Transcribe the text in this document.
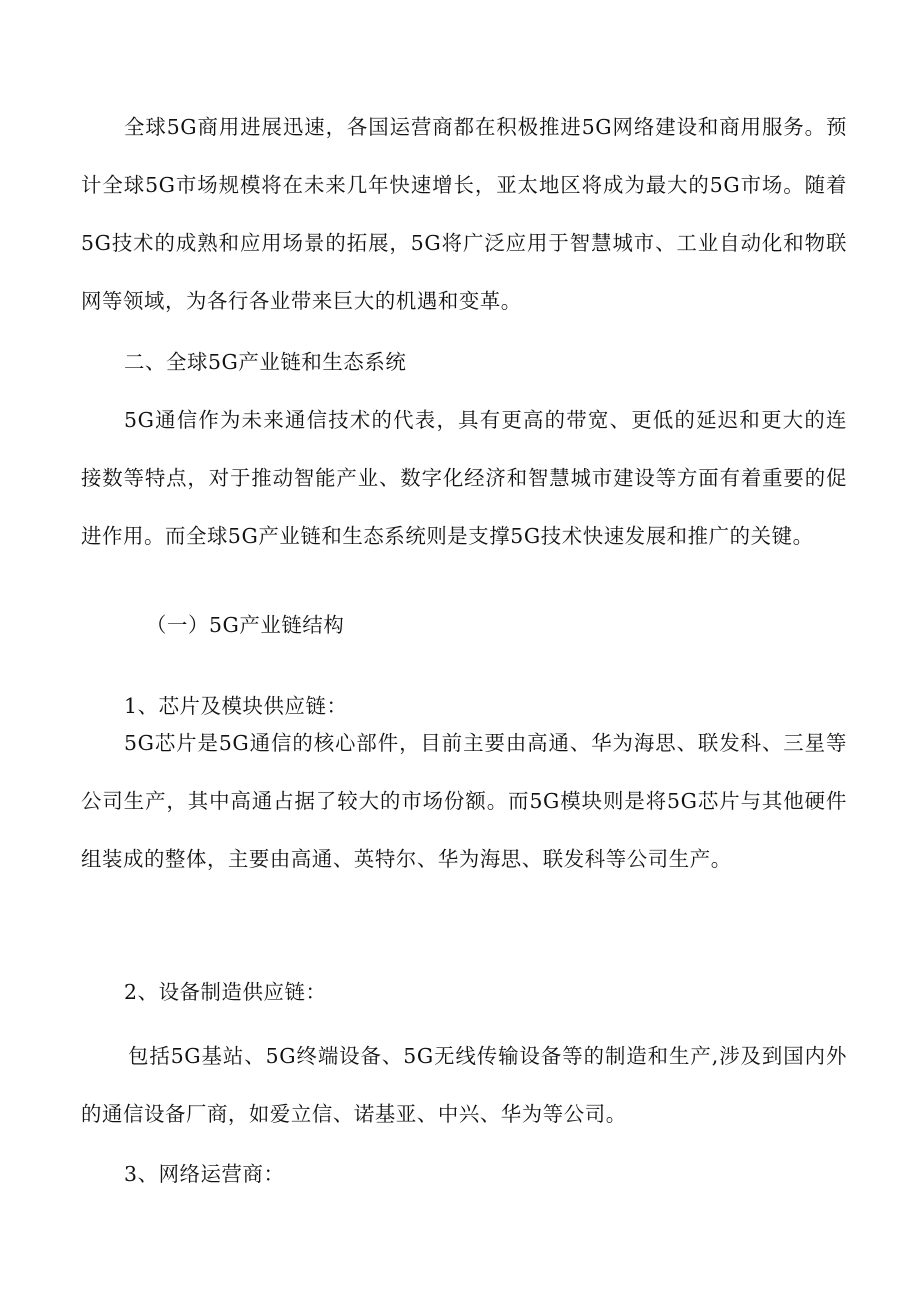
全球5G商用进展迅速，各国运营商都在积极推进5G网络建设和商用服务。预计全球5G市场规模将在未来几年快速增长，亚太地区将成为最大的5G市场。随着5G技术的成熟和应用场景的拓展，5G将广泛应用于智慧城市、工业自动化和物联网等领域，为各行各业带来巨大的机遇和变革。

二、全球5G产业链和生态系统

5G通信作为未来通信技术的代表，具有更高的带宽、更低的延迟和更大的连接数等特点，对于推动智能产业、数字化经济和智慧城市建设等方面有着重要的促进作用。而全球5G产业链和生态系统则是支撑5G技术快速发展和推广的关键。

（一）5G产业链结构

1、芯片及模块供应链：

5G芯片是5G通信的核心部件，目前主要由高通、华为海思、联发科、三星等公司生产，其中高通占据了较大的市场份额。而5G模块则是将5G芯片与其他硬件组装成的整体，主要由高通、英特尔、华为海思、联发科等公司生产。

2、设备制造供应链：

包括5G基站、5G终端设备、5G无线传输设备等的制造和生产,涉及到国内外的通信设备厂商，如爱立信、诺基亚、中兴、华为等公司。

3、网络运营商：
